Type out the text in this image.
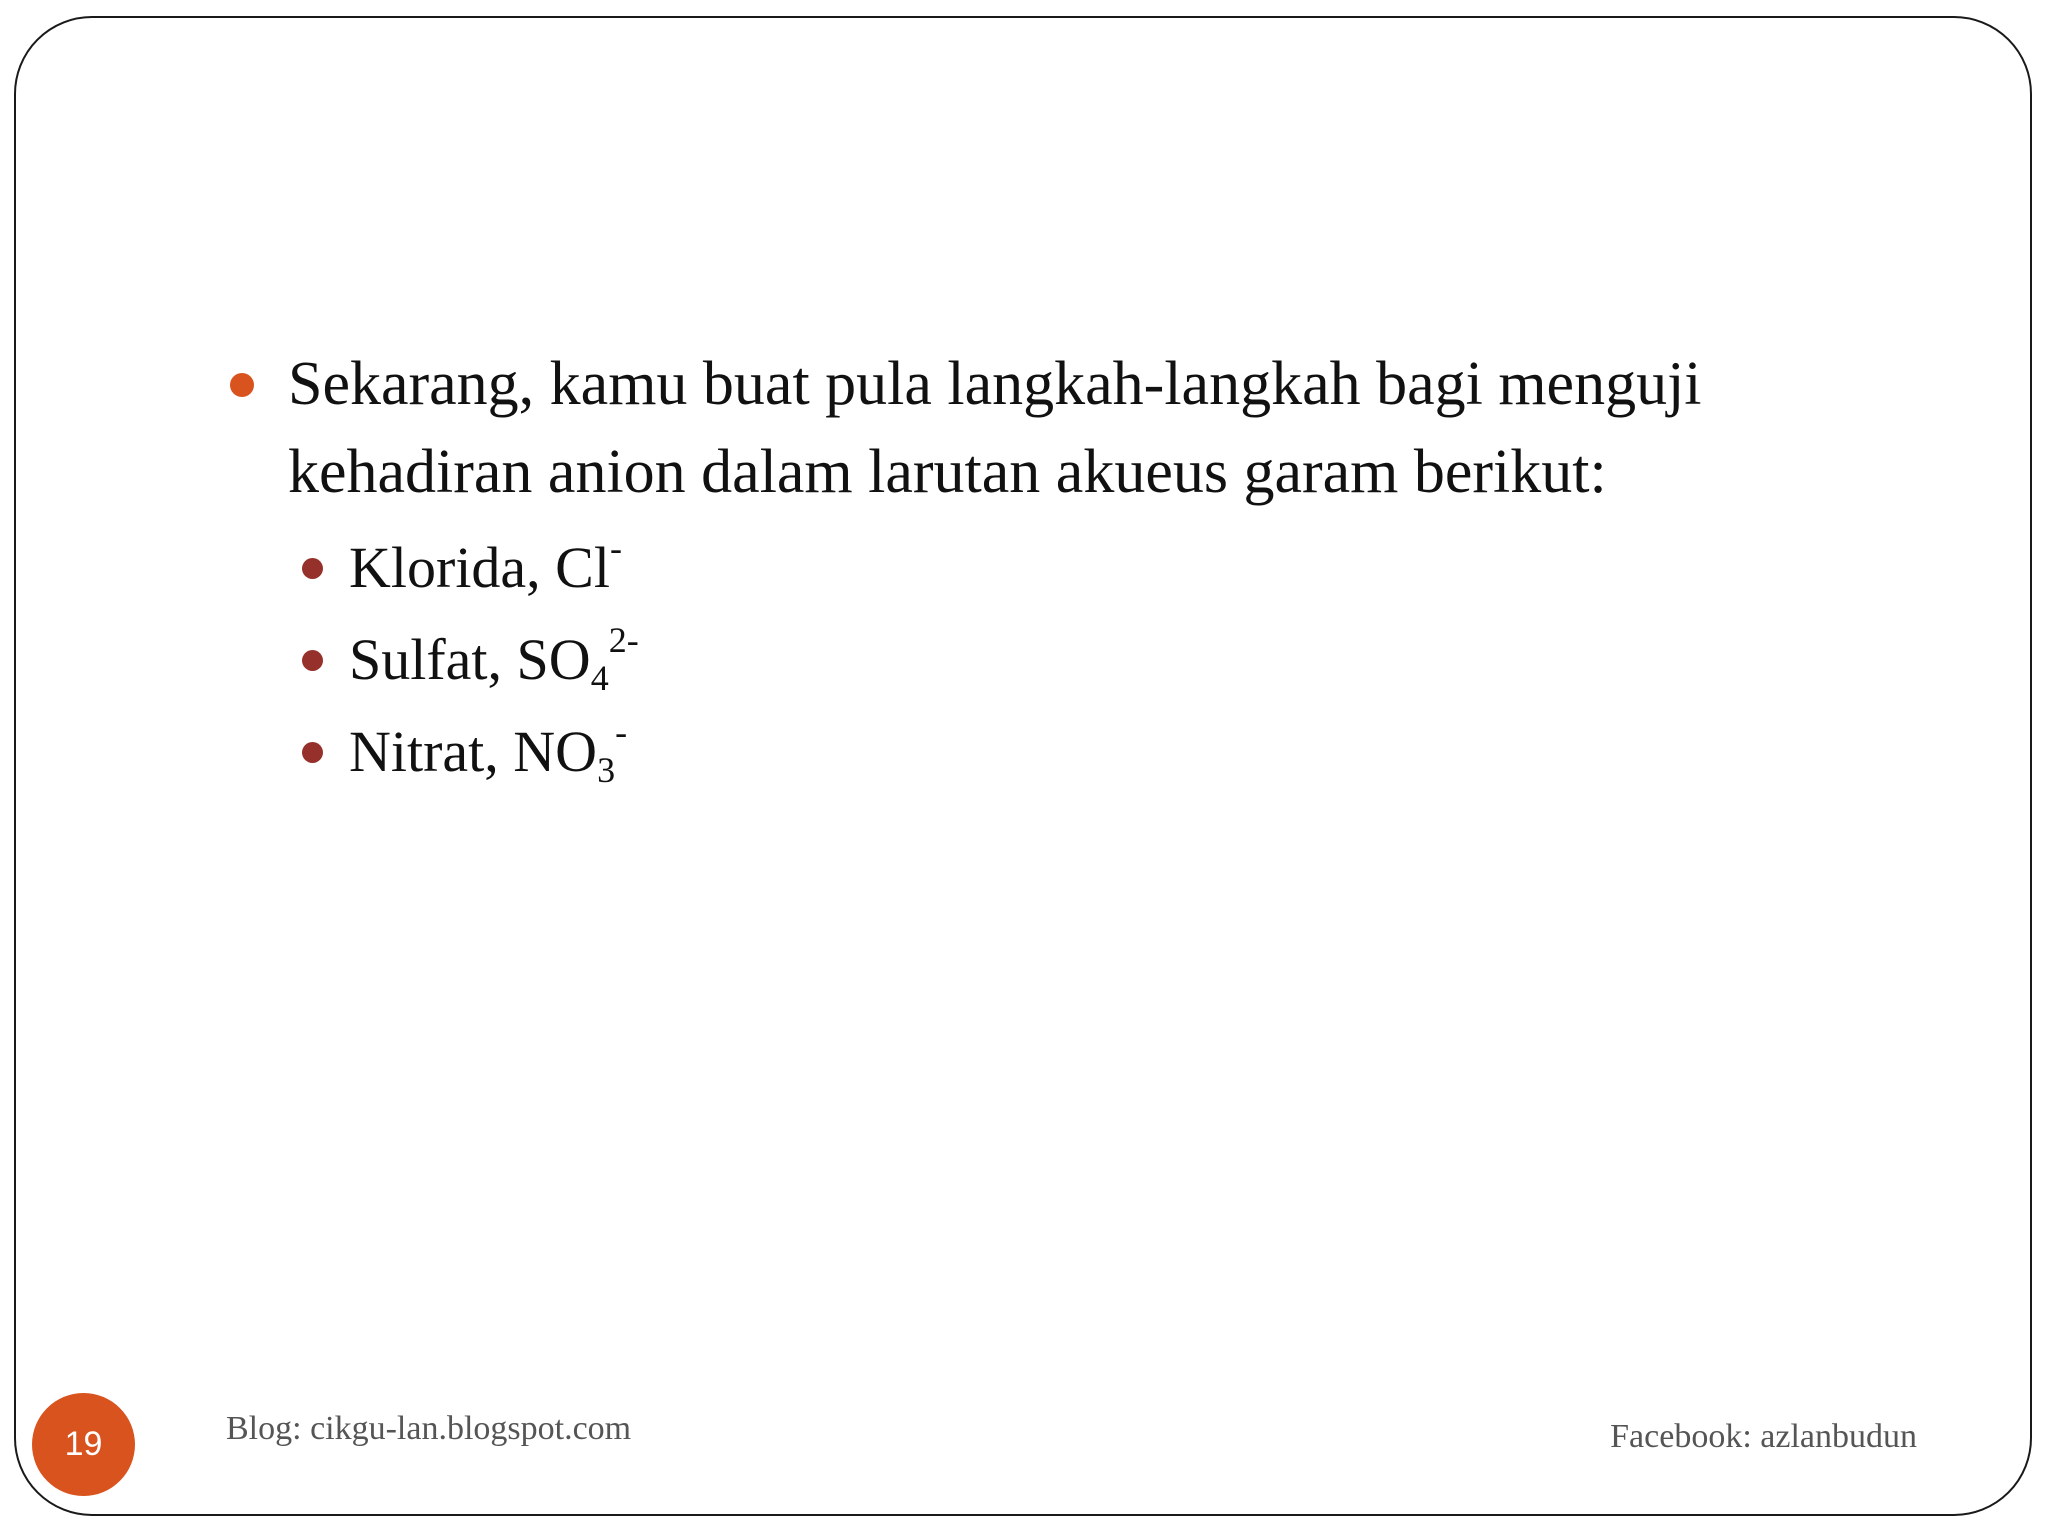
Sekarang, kamu buat pula langkah-langkah bagi menguji kehadiran anion dalam larutan akueus garam berikut:
Klorida, Cl-
Sulfat, $SO_4^{2-}$
Nitrat, $NO_3^-$
19	Blog: cikgu-lan.blogspot.com	Facebook: azlanbudun
